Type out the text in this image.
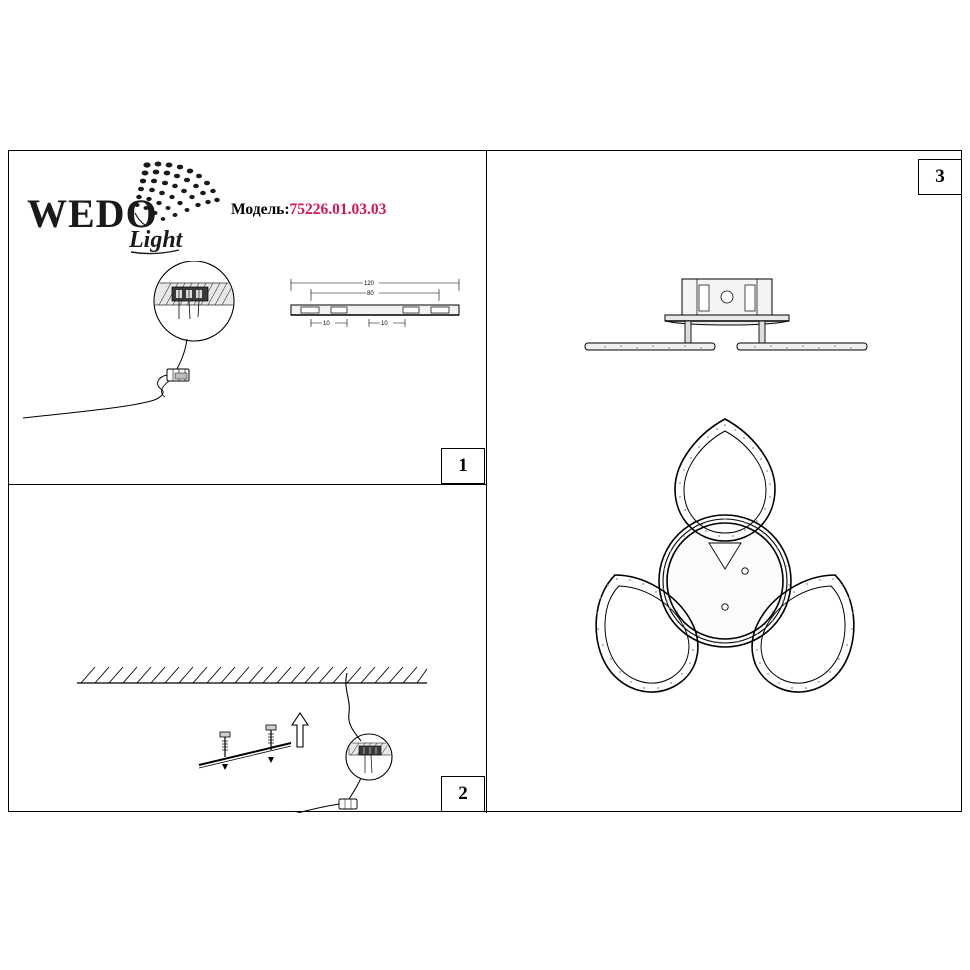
WEDO
Light
Модель:75226.01.03.03
120
80
10	10
1
2
3
